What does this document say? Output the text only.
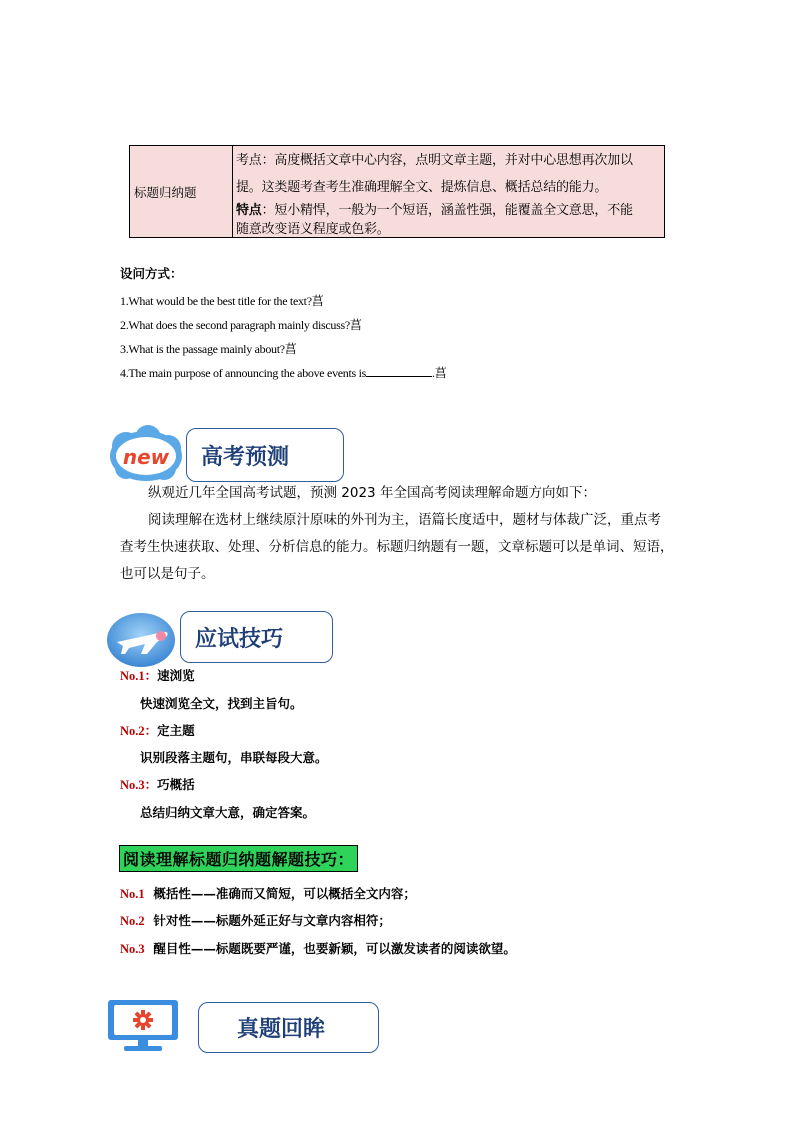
标题归纳题
考点：高度概括文章中心内容，点明文章主题，并对中心思想再次加以
提。这类题考查考生准确理解全文、提炼信息、概括总结的能力。
特点：短小精悍，一般为一个短语，涵盖性强，能覆盖全文意思，不能
随意改变语义程度或色彩。
设问方式：
1.What would be the best title for the text?菖
2.What does the second paragraph mainly discuss?菖
3.What is the passage mainly about?菖
4.The main purpose of announcing the above events is	.菖
new 高考预测
纵观近几年全国高考试题，预测 2023 年全国高考阅读理解命题方向如下：
阅读理解在选材上继续原汁原味的外刊为主，语篇长度适中，题材与体裁广泛，重点考
查考生快速获取、处理、分析信息的能力。标题归纳题有一题，文章标题可以是单词、短语，
也可以是句子。
应试技巧
No.1：速浏览
快速浏览全文，找到主旨句。
No.2：定主题
识别段落主题句，串联每段大意。
No.3：巧概括
总结归纳文章大意，确定答案。
阅读理解标题归纳题解题技巧：
No.1 概括性——准确而又简短，可以概括全文内容；
No.2 针对性——标题外延正好与文章内容相符；
No.3 醒目性——标题既要严谨，也要新颖，可以激发读者的阅读欲望。
真题回眸
